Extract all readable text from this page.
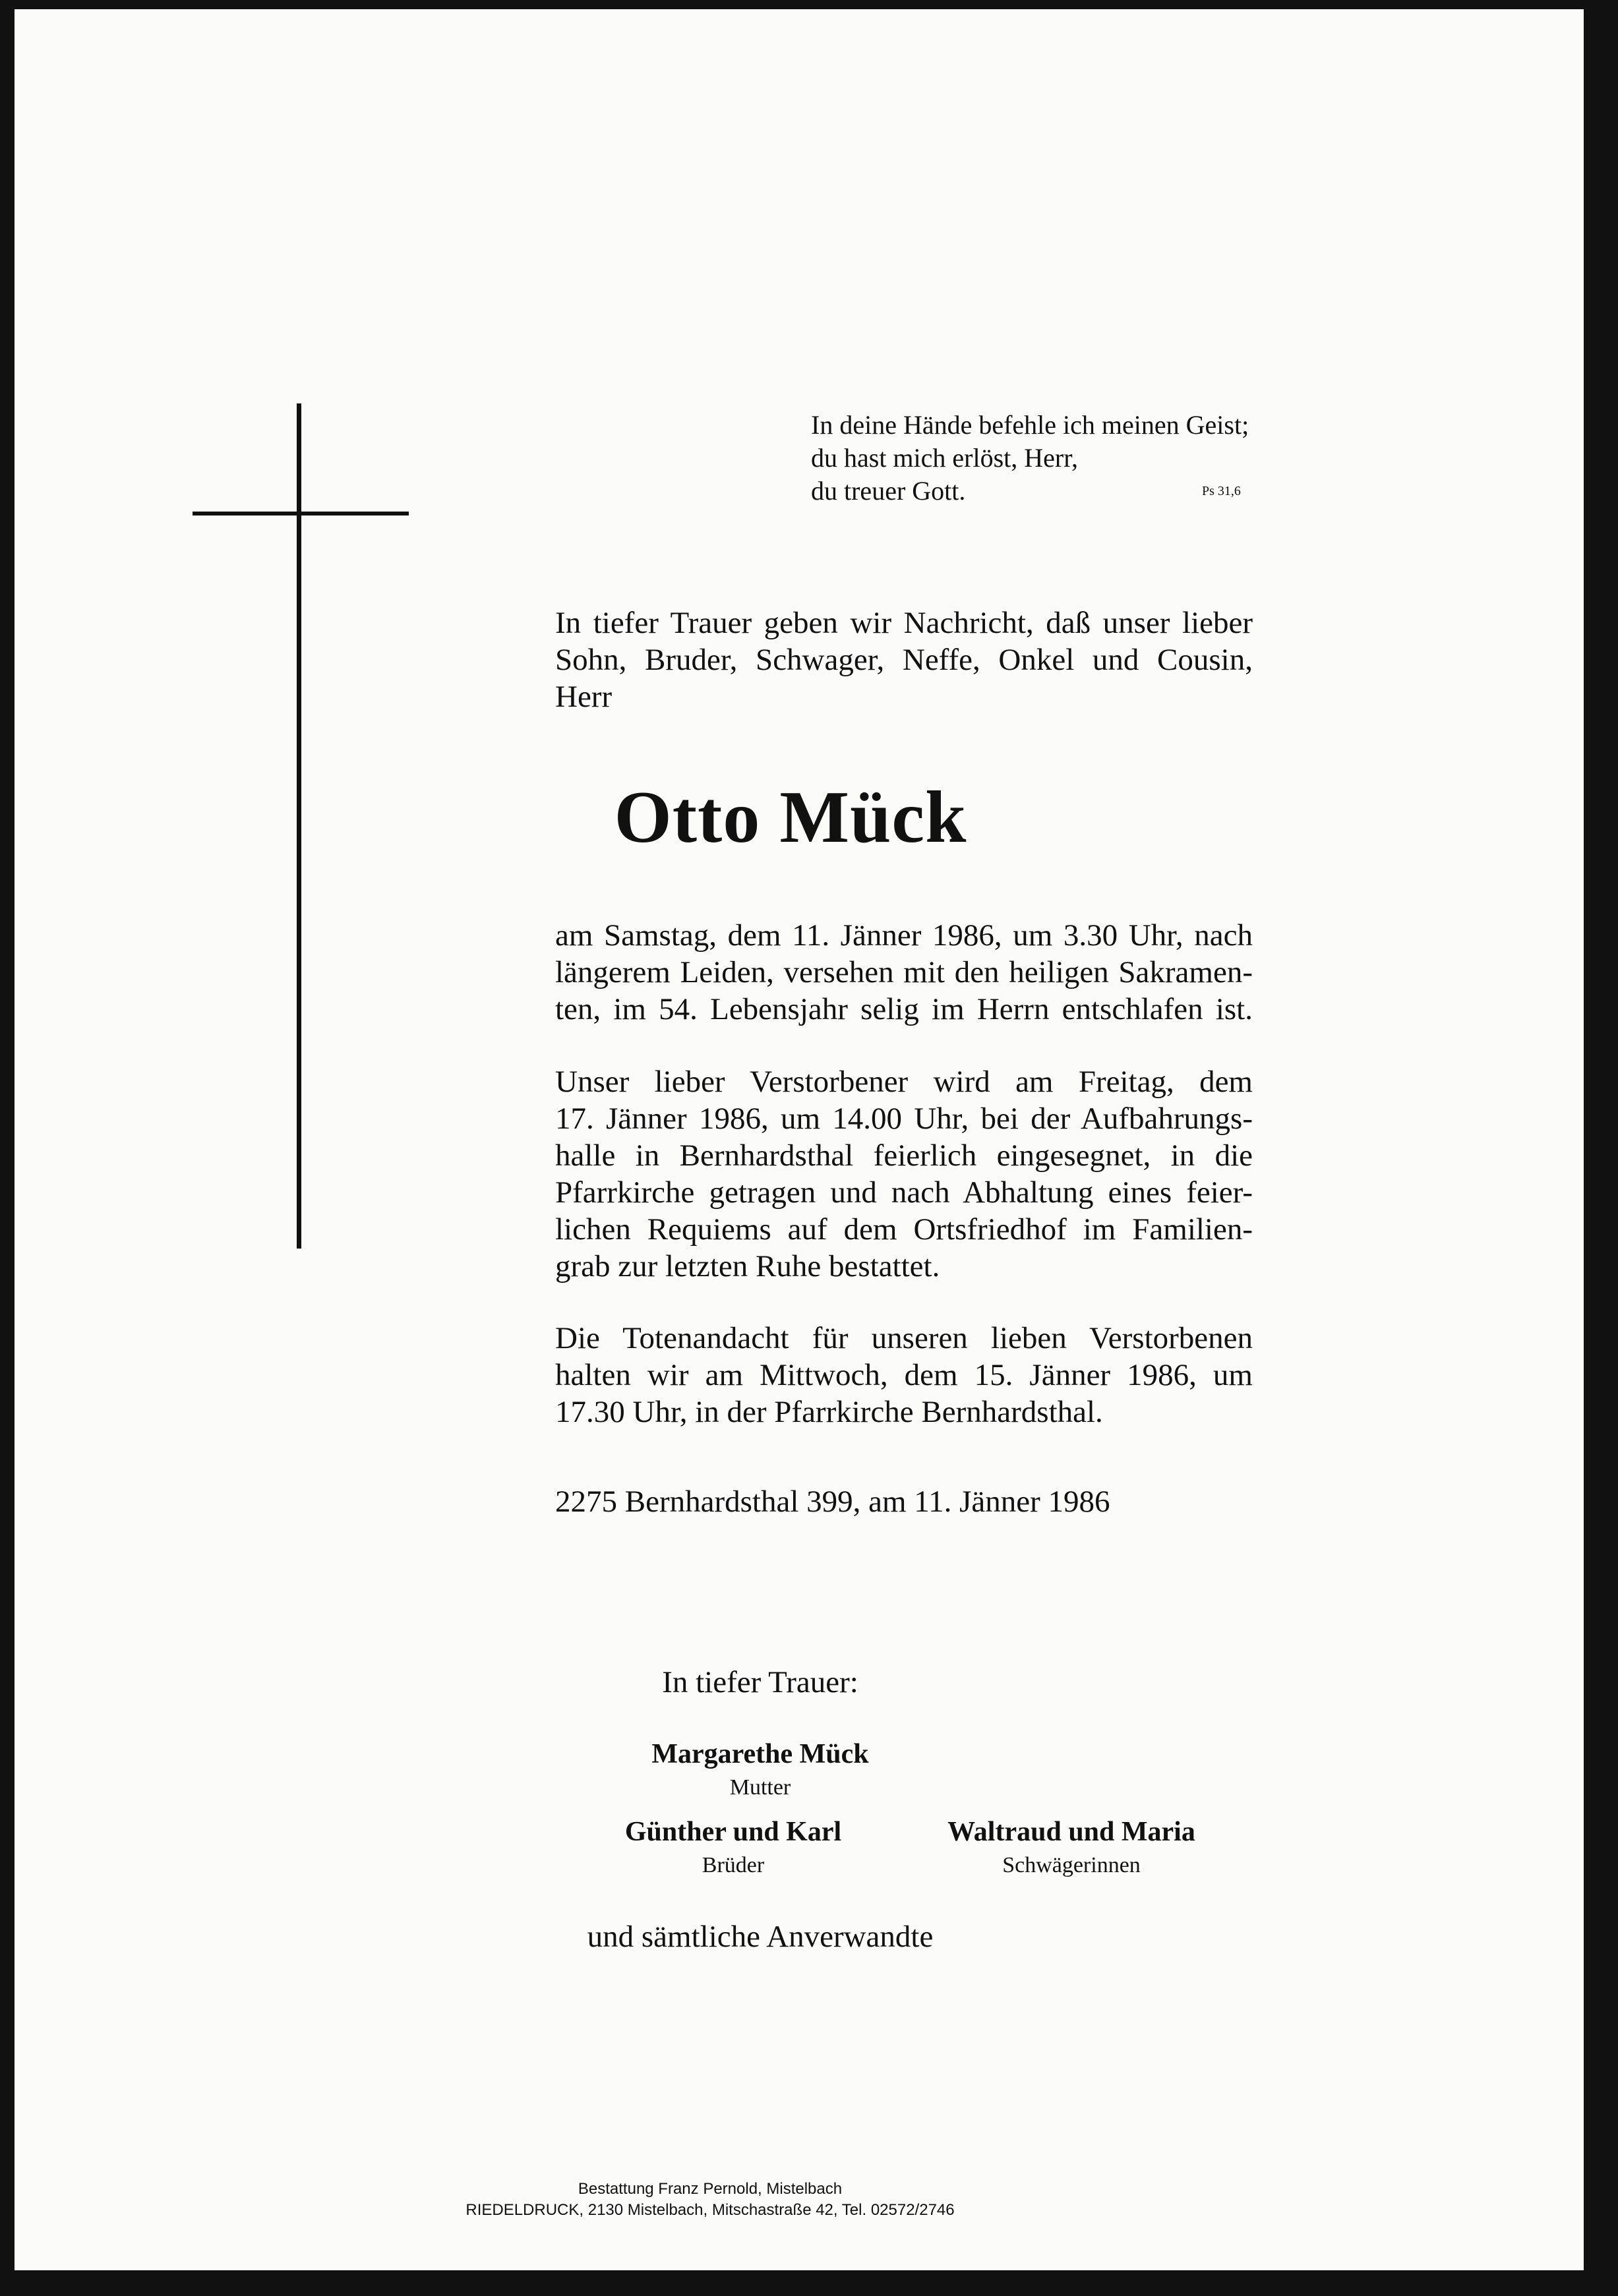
In deine Hände befehle ich meinen Geist;
du hast mich erlöst, Herr,
du treuer Gott.	Ps 31,6
In tiefer Trauer geben wir Nachricht, daß unser lieber
Sohn, Bruder, Schwager, Neffe, Onkel und Cousin,
Herr
Otto Mück
am Samstag, dem 11. Jänner 1986, um 3.30 Uhr, nach
längerem Leiden, versehen mit den heiligen Sakramen-
ten, im 54. Lebensjahr selig im Herrn entschlafen ist.
Unser lieber Verstorbener wird am Freitag, dem
17. Jänner 1986, um 14.00 Uhr, bei der Aufbahrungs-
halle in Bernhardsthal feierlich eingesegnet, in die
Pfarrkirche getragen und nach Abhaltung eines feier-
lichen Requiems auf dem Ortsfriedhof im Familien-
grab zur letzten Ruhe bestattet.
Die Totenandacht für unseren lieben Verstorbenen
halten wir am Mittwoch, dem 15. Jänner 1986, um
17.30 Uhr, in der Pfarrkirche Bernhardsthal.
2275 Bernhardsthal 399, am 11. Jänner 1986
In tiefer Trauer:
Margarethe Mück
Mutter
Günther und Karl
Brüder
Waltraud und Maria
Schwägerinnen
und sämtliche Anverwandte
Bestattung Franz Pernold, Mistelbach
RIEDELDRUCK, 2130 Mistelbach, Mitschastraße 42, Tel. 02572/2746
